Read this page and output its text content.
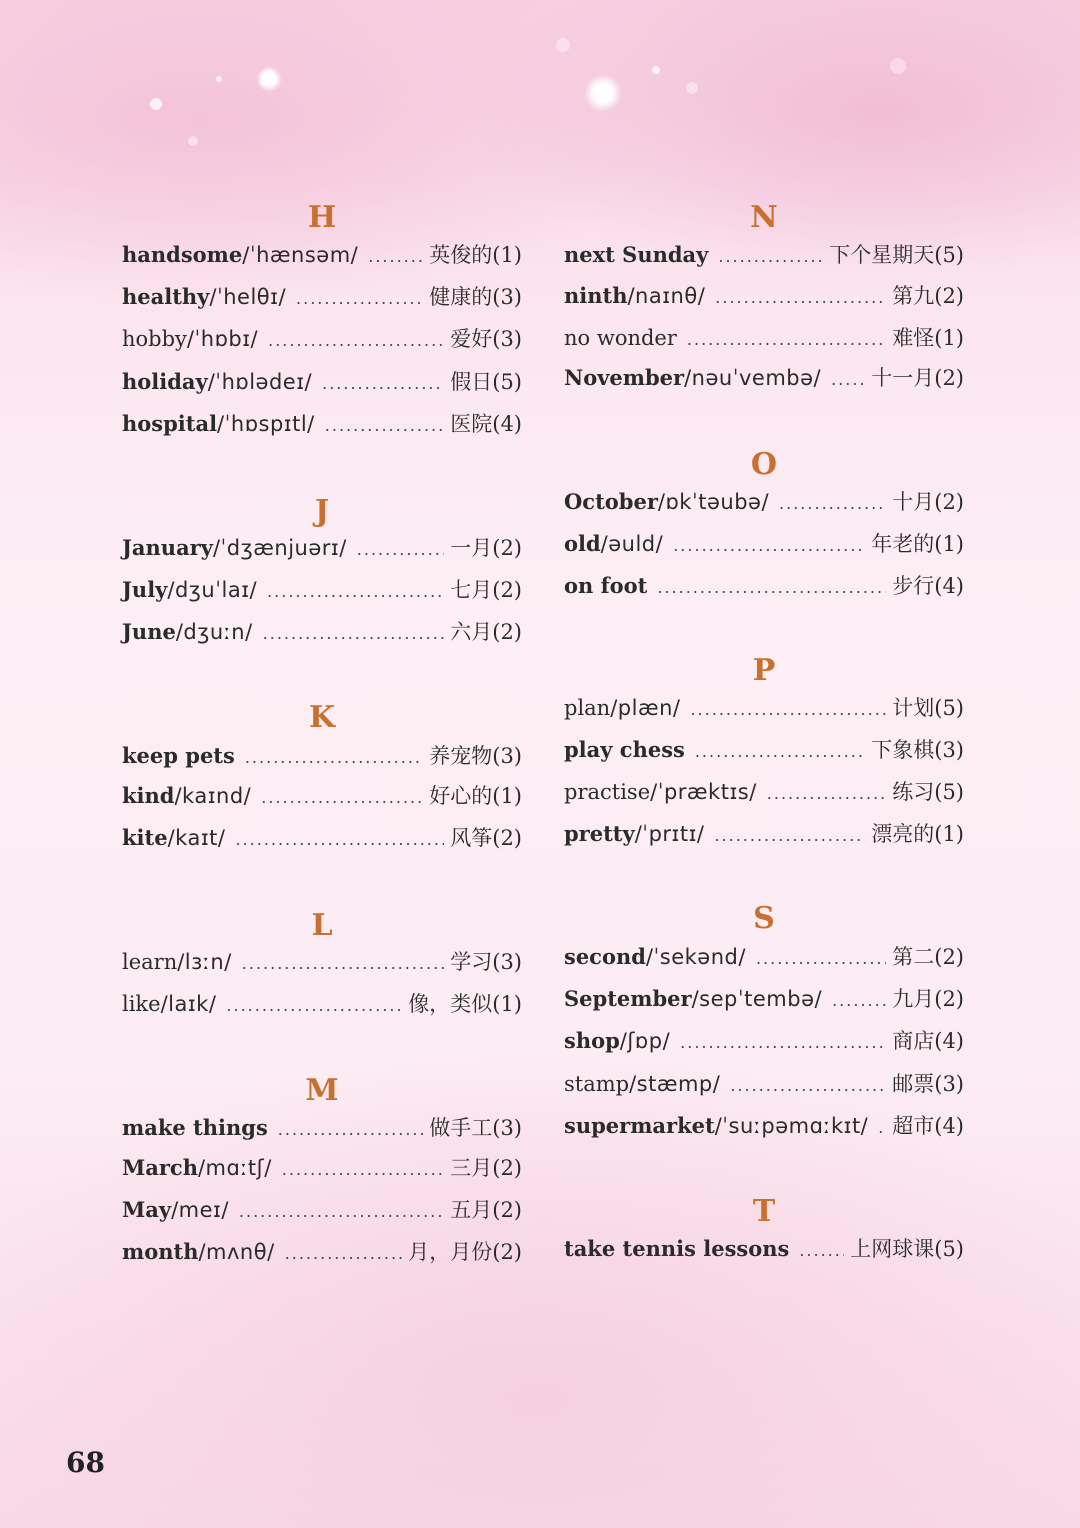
H
handsome /ˈhænsəm/ .....	英俊的(1)
healthy /ˈhelθɪ/ .....	健康的(3)
hobby /ˈhɒbɪ/ .....	爱好(3)
holiday /ˈhɒlədeɪ/ .....	假日(5)
hospital /ˈhɒspɪtl/ .....	医院(4)
J
January /ˈdʒænjuərɪ/ .....	一月(2)
July /dʒuˈlaɪ/ .....	七月(2)
June /dʒuːn/ .....	六月(2)
K
keep pets .....	养宠物(3)
kind /kaɪnd/ .....	好心的(1)
kite /kaɪt/ .....	风筝(2)
L
learn /lɜːn/ .....	学习(3)
like /laɪk/ .....	像，类似(1)
M
make things .....	做手工(3)
March /mɑːtʃ/ .....	三月(2)
May /meɪ/ .....	五月(2)
month /mʌnθ/ .....	月，月份(2)
N
next Sunday .....	下个星期天(5)
ninth /naɪnθ/ .....	第九(2)
no wonder .....	难怪(1)
November /nəuˈvembə/ ..... 十一月(2)
O
October /ɒkˈtəubə/ .....	十月(2)
old /əuld/ .....	年老的(1)
on foot .....	步行(4)
P
plan /plæn/ .....	计划(5)
play chess .....	下象棋(3)
practise /ˈpræktɪs/ .....	练习(5)
pretty /ˈprɪtɪ/ .....	漂亮的(1)
S
second /ˈsekənd/ .....	第二(2)
September /sepˈtembə/ .....	九月(2)
shop /ʃɒp/ .....	商店(4)
stamp /stæmp/ .....	邮票(3)
supermarket /ˈsuːpəmɑːkɪt/ ..... 超市(4)
T
take tennis lessons .....	上网球课(5)
68
